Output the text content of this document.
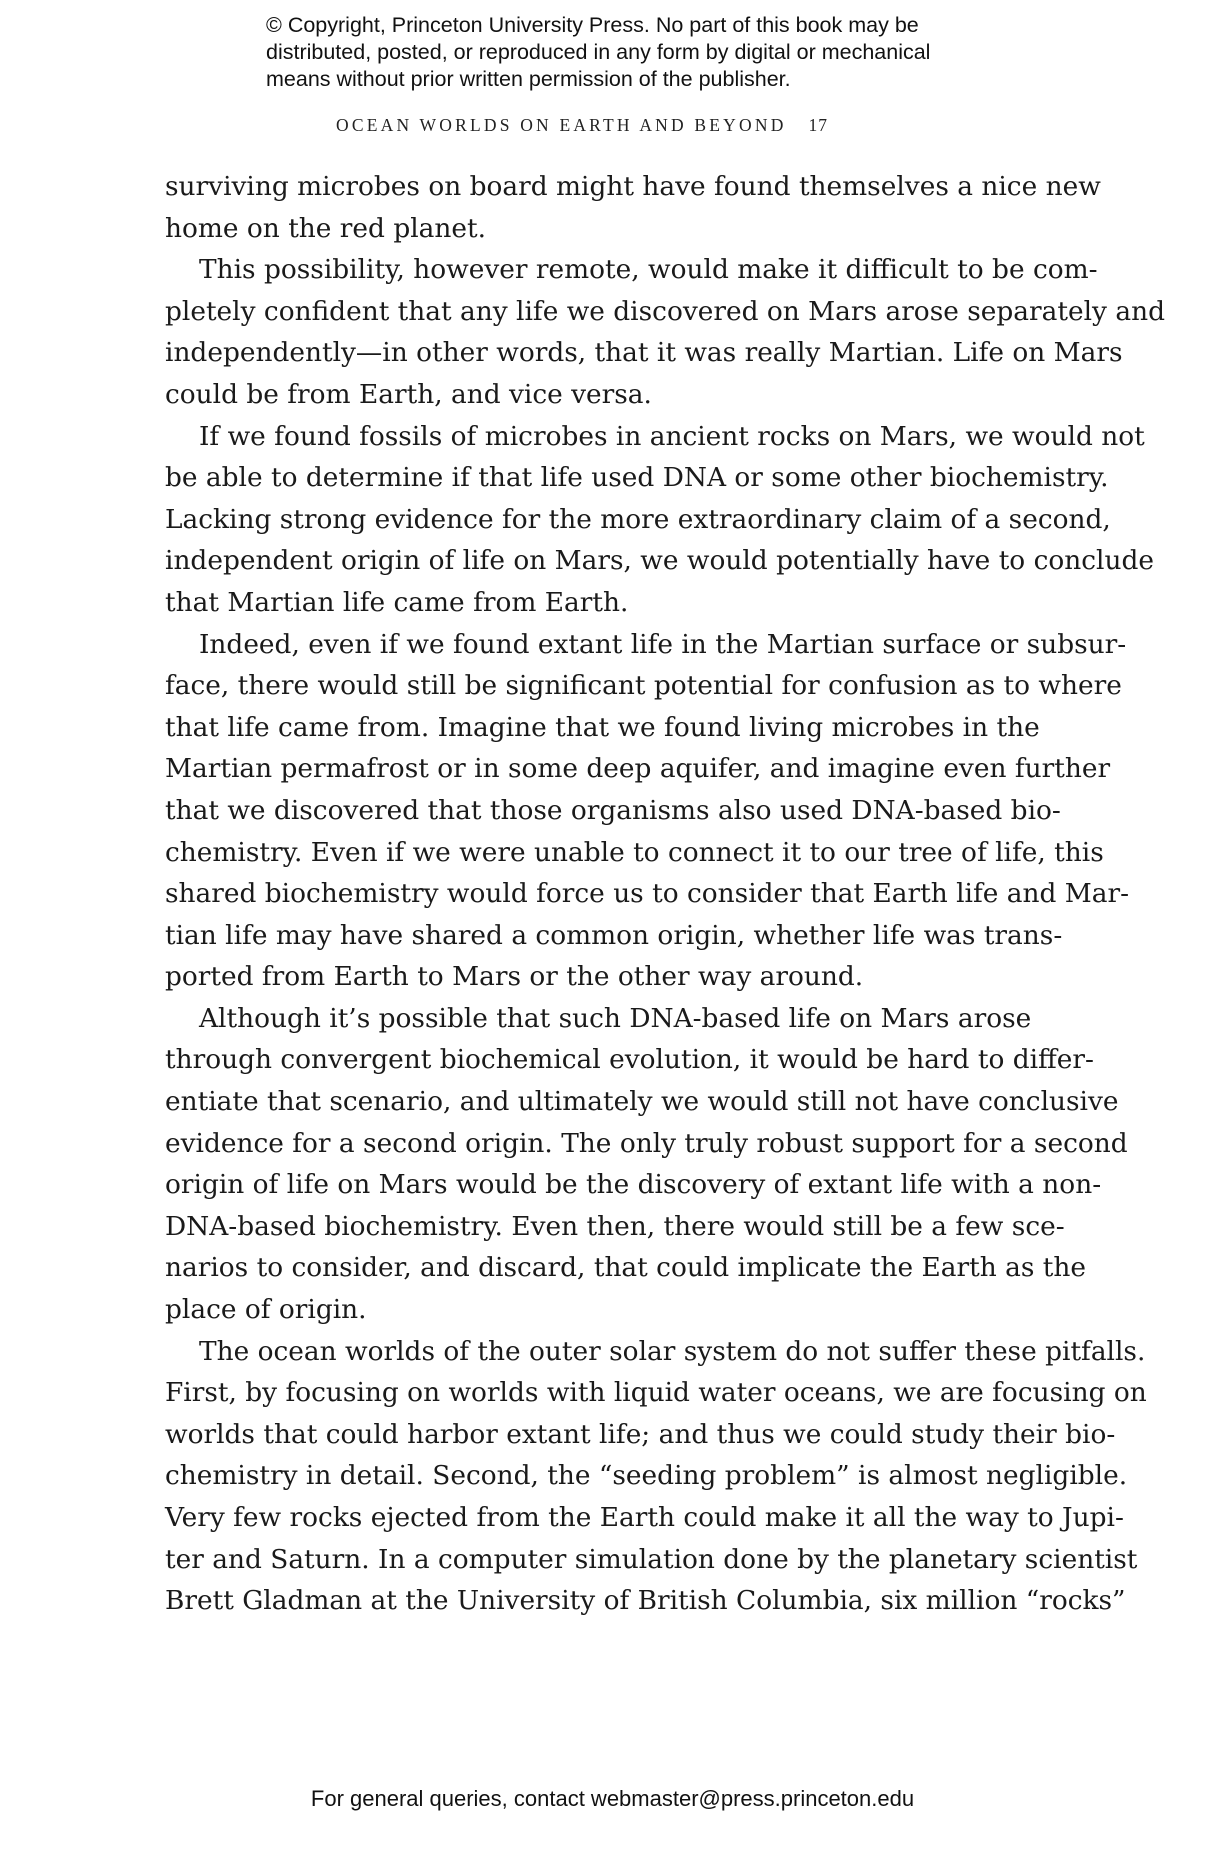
© Copyright, Princeton University Press. No part of this book may be
distributed, posted, or reproduced in any form by digital or mechanical
means without prior written permission of the publisher.
OCEAN WORLDS ON EARTH AND BEYOND 17
surviving microbes on board might have found themselves a nice new
home on the red planet.
This possibility, however remote, would make it difficult to be com-
pletely confident that any life we discovered on Mars arose separately and
independently—in other words, that it was really Martian. Life on Mars
could be from Earth, and vice versa.
If we found fossils of microbes in ancient rocks on Mars, we would not
be able to determine if that life used DNA or some other biochemistry.
Lacking strong evidence for the more extraordinary claim of a second,
independent origin of life on Mars, we would potentially have to conclude
that Martian life came from Earth.
Indeed, even if we found extant life in the Martian surface or subsur-
face, there would still be significant potential for confusion as to where
that life came from. Imagine that we found living microbes in the
Martian permafrost or in some deep aquifer, and imagine even further
that we discovered that those organisms also used DNA-based bio-
chemistry. Even if we were unable to connect it to our tree of life, this
shared biochemistry would force us to consider that Earth life and Mar-
tian life may have shared a common origin, whether life was trans-
ported from Earth to Mars or the other way around.
Although it’s possible that such DNA-based life on Mars arose
through convergent biochemical evolution, it would be hard to differ-
entiate that scenario, and ultimately we would still not have conclusive
evidence for a second origin. The only truly robust support for a second
origin of life on Mars would be the discovery of extant life with a non-
DNA-based biochemistry. Even then, there would still be a few sce-
narios to consider, and discard, that could implicate the Earth as the
place of origin.
The ocean worlds of the outer solar system do not suffer these pitfalls.
First, by focusing on worlds with liquid water oceans, we are focusing on
worlds that could harbor extant life; and thus we could study their bio-
chemistry in detail. Second, the “seeding problem” is almost negligible.
Very few rocks ejected from the Earth could make it all the way to Jupi-
ter and Saturn. In a computer simulation done by the planetary scientist
Brett Gladman at the University of British Columbia, six million “rocks”
For general queries, contact webmaster@press.princeton.edu
